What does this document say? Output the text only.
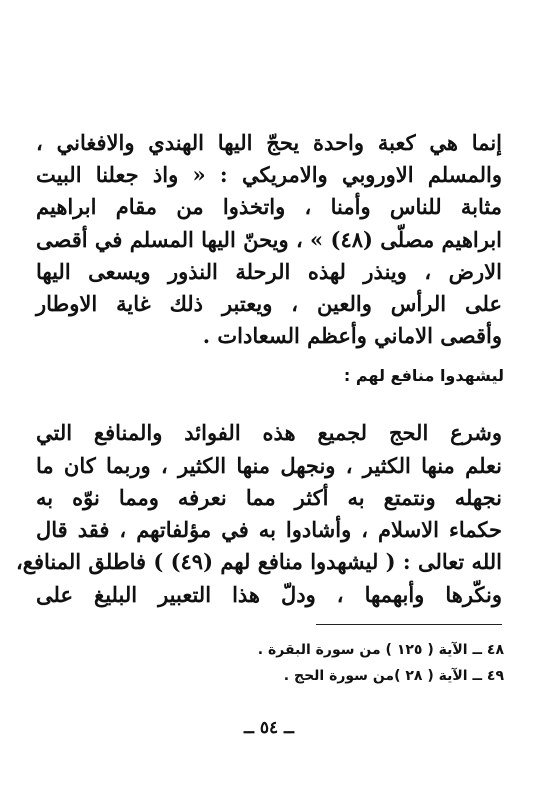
إنما هي كعبة واحدة يحجّ اليها الهندي والافغاني ،
والمسلم الاوروبي والامريكي : « واذ جعلنا البيت
مثابة للناس وأمنا ، واتخذوا من مقام ابراهيم
ابراهيم مصلّى (٤٨) » ، ويحنّ اليها المسلم في أقصى
الارض ، وينذر لهذه الرحلة النذور ويسعى اليها
على الرأس والعين ، ويعتبر ذلك غاية الاوطار
وأقصى الاماني وأعظم السعادات .
ليشهدوا منافع لهم :
وشرع الحج لجميع هذه الفوائد والمنافع التي
نعلم منها الكثير ، ونجهل منها الكثير ، وربما كان ما
نجهله ونتمتع به أكثر مما نعرفه ومما نوّه به
حكماء الاسلام ، وأشادوا به في مؤلفاتهم ، فقد قال
الله تعالى : ( ليشهدوا منافع لهم (٤٩) ) فاطلق المنافع،
ونكّرها وأبهمها ، ودلّ هذا التعبير البليغ على
٤٨ ــ الآية ( ١٢٥ ) من سورة البقرة .
٤٩ ــ الآية ( ٢٨ )من سورة الحج .
ــ ٥٤ ــ
